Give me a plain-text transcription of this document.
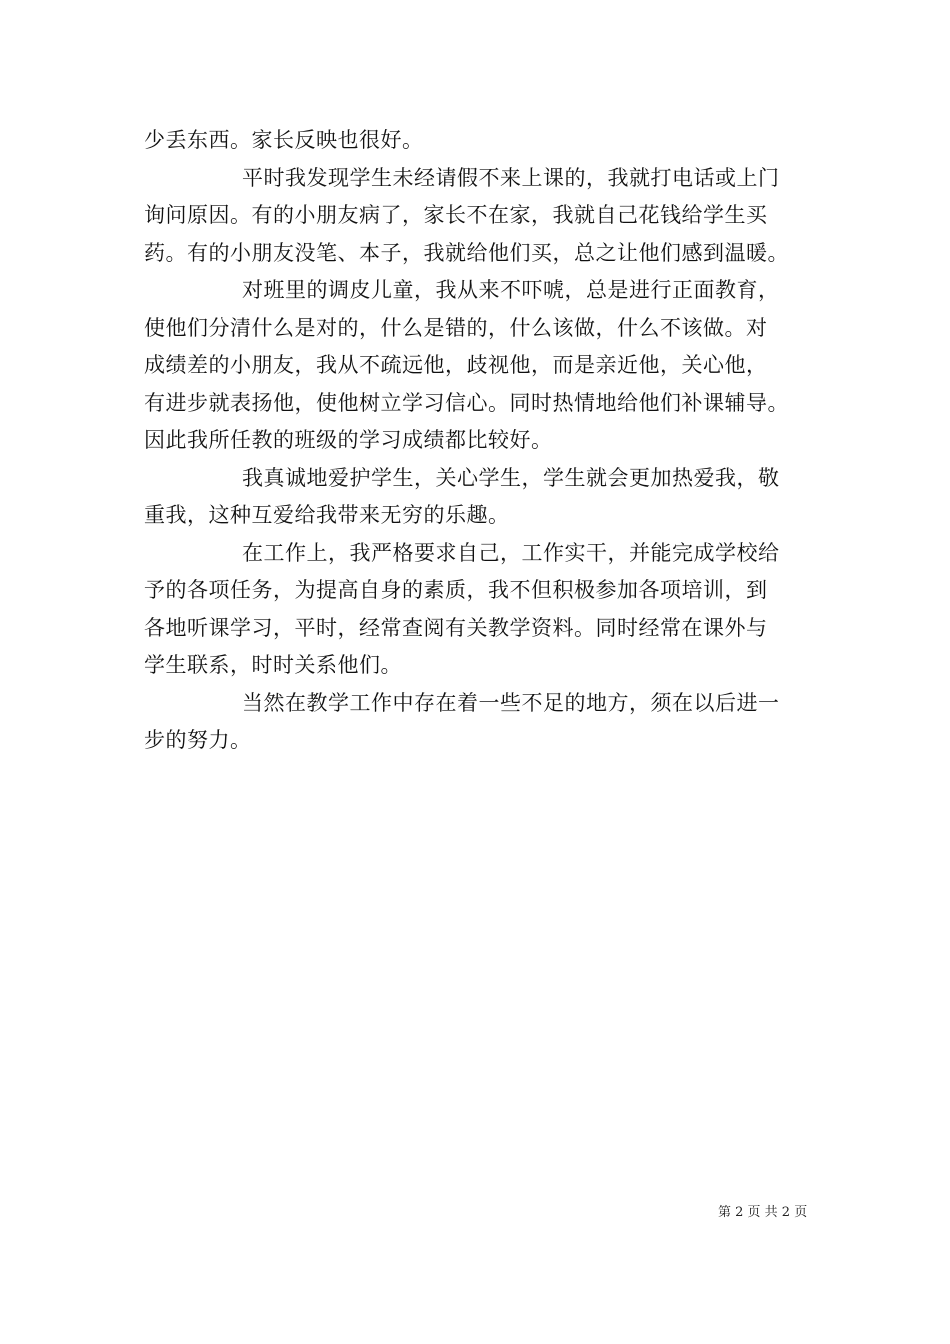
少丢东西。家长反映也很好。
平时我发现学生未经请假不来上课的，我就打电话或上门
询问原因。有的小朋友病了，家长不在家，我就自己花钱给学生买
药。有的小朋友没笔、本子，我就给他们买，总之让他们感到温暖。
对班里的调皮儿童，我从来不吓唬，总是进行正面教育，
使他们分清什么是对的，什么是错的，什么该做，什么不该做。对
成绩差的小朋友，我从不疏远他，歧视他，而是亲近他，关心他，
有进步就表扬他，使他树立学习信心。同时热情地给他们补课辅导。
因此我所任教的班级的学习成绩都比较好。
我真诚地爱护学生，关心学生，学生就会更加热爱我，敬
重我，这种互爱给我带来无穷的乐趣。
在工作上，我严格要求自己，工作实干，并能完成学校给
予的各项任务，为提高自身的素质，我不但积极参加各项培训，到
各地听课学习，平时，经常查阅有关教学资料。同时经常在课外与
学生联系，时时关系他们。
当然在教学工作中存在着一些不足的地方，须在以后进一
步的努力。
第 2 页 共 2 页
